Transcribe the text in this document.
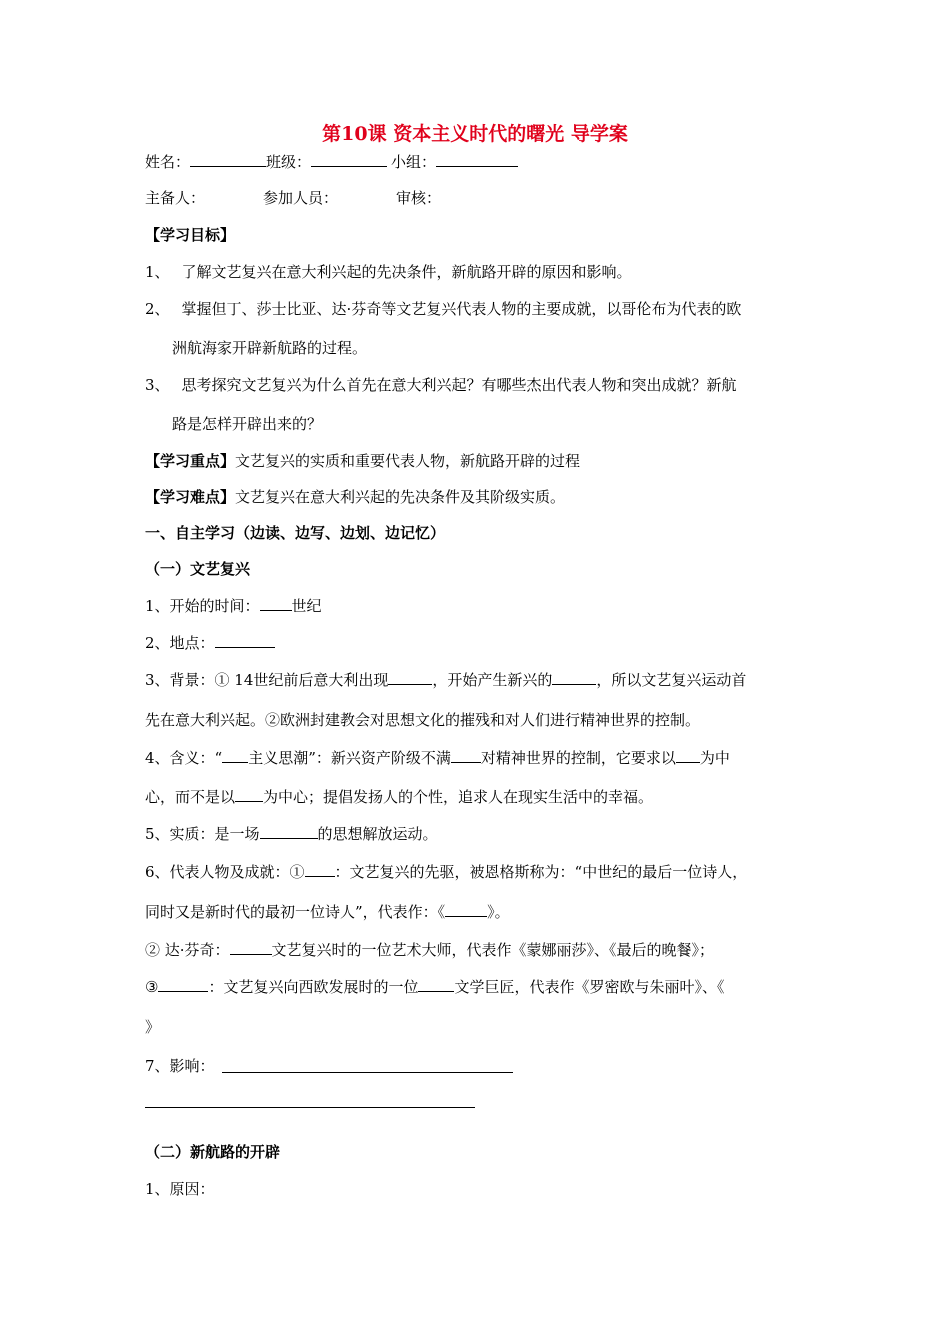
第10课 资本主义时代的曙光 导学案
姓名：	班级：	小组：
主备人：	参加人员：	审核：
【学习目标】
1、 了解文艺复兴在意大利兴起的先决条件，新航路开辟的原因和影响。
2、 掌握但丁、莎士比亚、达·芬奇等文艺复兴代表人物的主要成就，以哥伦布为代表的欧
洲航海家开辟新航路的过程。
3、 思考探究文艺复兴为什么首先在意大利兴起？有哪些杰出代表人物和突出成就？新航
路是怎样开辟出来的？
【学习重点】文艺复兴的实质和重要代表人物，新航路开辟的过程
【学习难点】文艺复兴在意大利兴起的先决条件及其阶级实质。
一、自主学习（边读、边写、边划、边记忆）
（一）文艺复兴
1、开始的时间： 世纪
2、地点：
3、背景：① 14世纪前后意大利出现	，开始产生新兴的	，所以文艺复兴运动首
先在意大利兴起。②欧洲封建教会对思想文化的摧残和对人们进行精神世界的控制。
4、含义：“ 主义思潮”：新兴资产阶级不满 对精神世界的控制，它要求以 为中
心，而不是以 为中心；提倡发扬人的个性，追求人在现实生活中的幸福。
5、实质：是一场	的思想解放运动。
6、代表人物及成就：① ：文艺复兴的先驱，被恩格斯称为：“中世纪的最后一位诗人，
同时又是新时代的最初一位诗人”，代表作：《	》。
② 达·芬奇：	文艺复兴时的一位艺术大师，代表作《蒙娜丽莎》、《最后的晚餐》；
③	：文艺复兴向西欧发展时的一位 文学巨匠，代表作《罗密欧与朱丽叶》、《
》
7、影响：
（二）新航路的开辟
1、原因：
